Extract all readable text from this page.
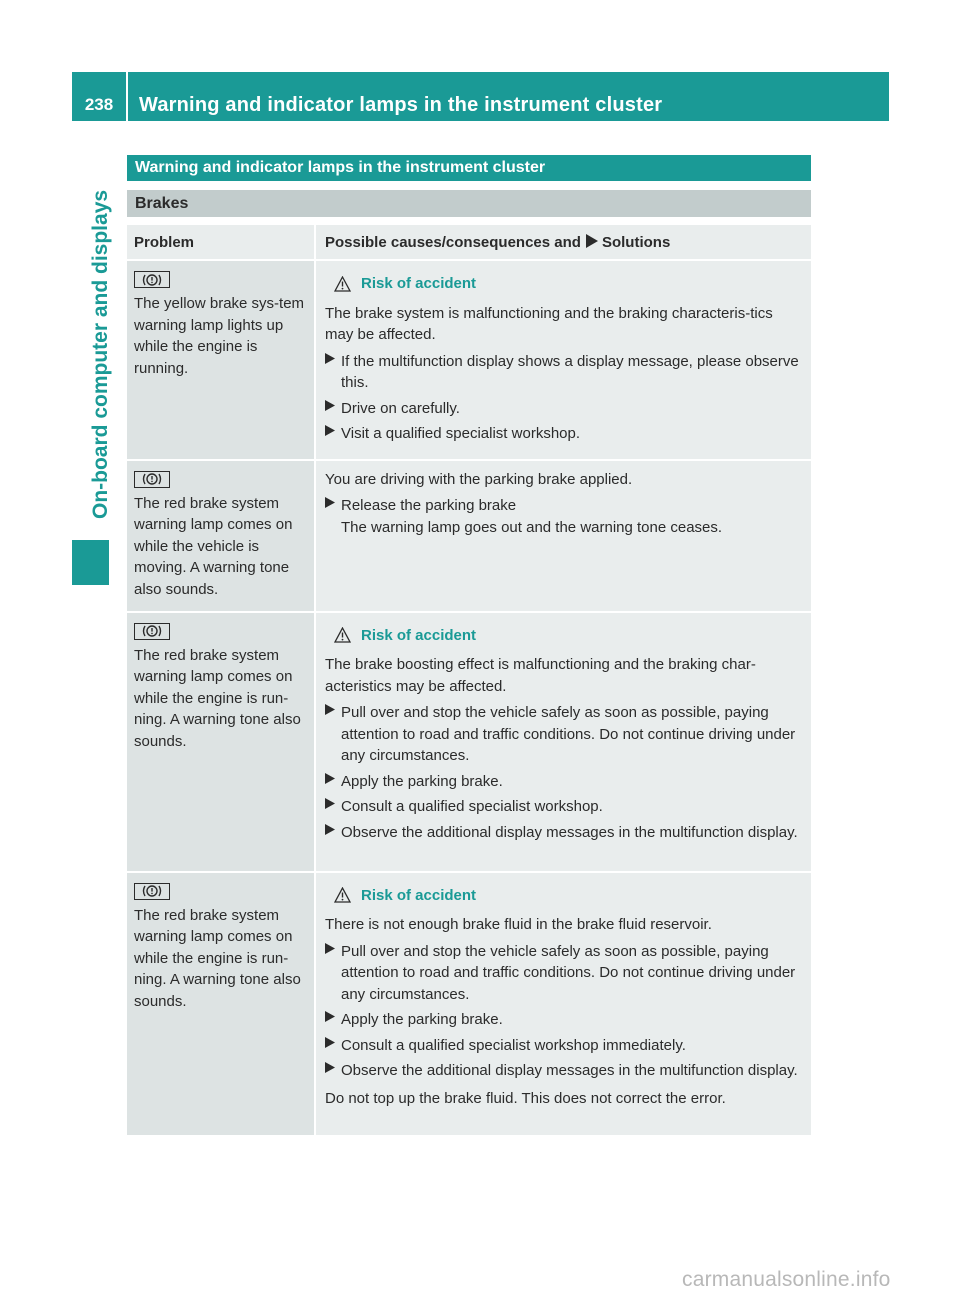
238	Warning and indicator lamps in the instrument cluster
On-board computer and displays
Warning and indicator lamps in the instrument cluster
Brakes
Problem	Possible causes/consequences and Solutions
The yellow brake sys-tem warning lamp lights up while the engine is running.
Risk of accident
The brake system is malfunctioning and the braking characteris-tics may be affected.
If the multifunction display shows a display message, please observe this.
Drive on carefully.
Visit a qualified specialist workshop.
The red brake system warning lamp comes on while the vehicle is moving. A warning tone also sounds.
You are driving with the parking brake applied.
Release the parking brake
The warning lamp goes out and the warning tone ceases.
The red brake system warning lamp comes on while the engine is run-ning. A warning tone also sounds.
Risk of accident
The brake boosting effect is malfunctioning and the braking char-acteristics may be affected.
Pull over and stop the vehicle safely as soon as possible, paying attention to road and traffic conditions. Do not continue driving under any circumstances.
Apply the parking brake.
Consult a qualified specialist workshop.
Observe the additional display messages in the multifunction display.
The red brake system warning lamp comes on while the engine is run-ning. A warning tone also sounds.
Risk of accident
There is not enough brake fluid in the brake fluid reservoir.
Pull over and stop the vehicle safely as soon as possible, paying attention to road and traffic conditions. Do not continue driving under any circumstances.
Apply the parking brake.
Consult a qualified specialist workshop immediately.
Observe the additional display messages in the multifunction display.
Do not top up the brake fluid. This does not correct the error.
carmanualsonline.info
